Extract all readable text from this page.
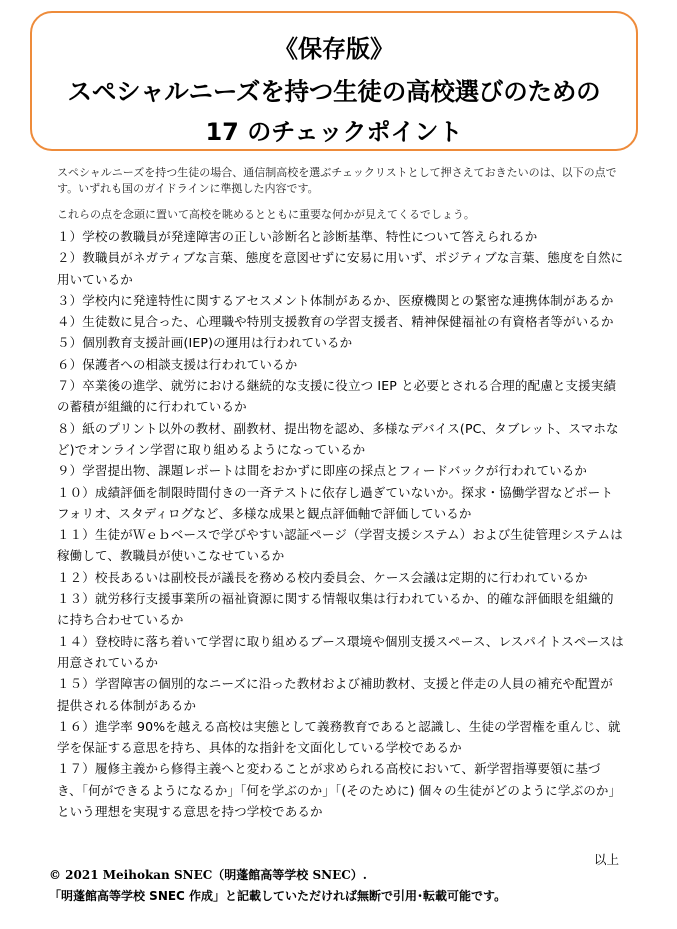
《保存版》
スペシャルニーズを持つ生徒の高校選びのための
17 のチェックポイント
スペシャルニーズを持つ生徒の場合、通信制高校を選ぶチェックリストとして押さえておきたいのは、以下の点です。いずれも国のガイドラインに準拠した内容です。
これらの点を念頭に置いて高校を眺めるとともに重要な何かが見えてくるでしょう。

１）学校の教職員が発達障害の正しい診断名と診断基準、特性について答えられるか

２）教職員がネガティブな言葉、態度を意図せずに安易に用いず、ポジティブな言葉、態度を自然に用いているか

３）学校内に発達特性に関するアセスメント体制があるか、医療機関との緊密な連携体制があるか

４）生徒数に見合った、心理職や特別支援教育の学習支援者、精神保健福祉の有資格者等がいるか

５）個別教育支援計画(IEP)の運用は行われているか

６）保護者への相談支援は行われているか

７）卒業後の進学、就労における継続的な支援に役立つ IEP と必要とされる合理的配慮と支援実績の蓄積が組織的に行われているか

８）紙のプリント以外の教材、副教材、提出物を認め、多様なデバイス(PC、タブレット、スマホなど)でオンライン学習に取り組めるようになっているか

９）学習提出物、課題レポートは間をおかずに即座の採点とフィードバックが行われているか

１０）成績評価を制限時間付きの一斉テストに依存し過ぎていないか。探求・協働学習などポートフォリオ、スタディログなど、多様な成果と観点評価軸で評価しているか

１１）生徒がＷｅｂベースで学びやすい認証ページ（学習支援システム）および生徒管理システムは稼働して、教職員が使いこなせているか

１２）校長あるいは副校長が議長を務める校内委員会、ケース会議は定期的に行われているか

１３）就労移行支援事業所の福祉資源に関する情報収集は行われているか、的確な評価眼を組織的に持ち合わせているか

１４）登校時に落ち着いて学習に取り組めるブース環境や個別支援スペース、レスパイトスペースは用意されているか

１５）学習障害の個別的なニーズに沿った教材および補助教材、支援と伴走の人員の補充や配置が提供される体制があるか

１６）進学率 90%を越える高校は実態として義務教育であると認識し、生徒の学習権を重んじ、就学を保証する意思を持ち、具体的な指針を文面化している学校であるか

１７）履修主義から修得主義へと変わることが求められる高校において、新学習指導要領に基づき、「何ができるようになるか」「何を学ぶのか」「(そのために) 個々の生徒がどのように学ぶのか」という理想を実現する意思を持つ学校であるか

以上
© 2021 Meihokan SNEC（明蓬館高等学校 SNEC）.
「明蓬館高等学校 SNEC 作成」と記載していただければ無断で引用･転載可能です。
